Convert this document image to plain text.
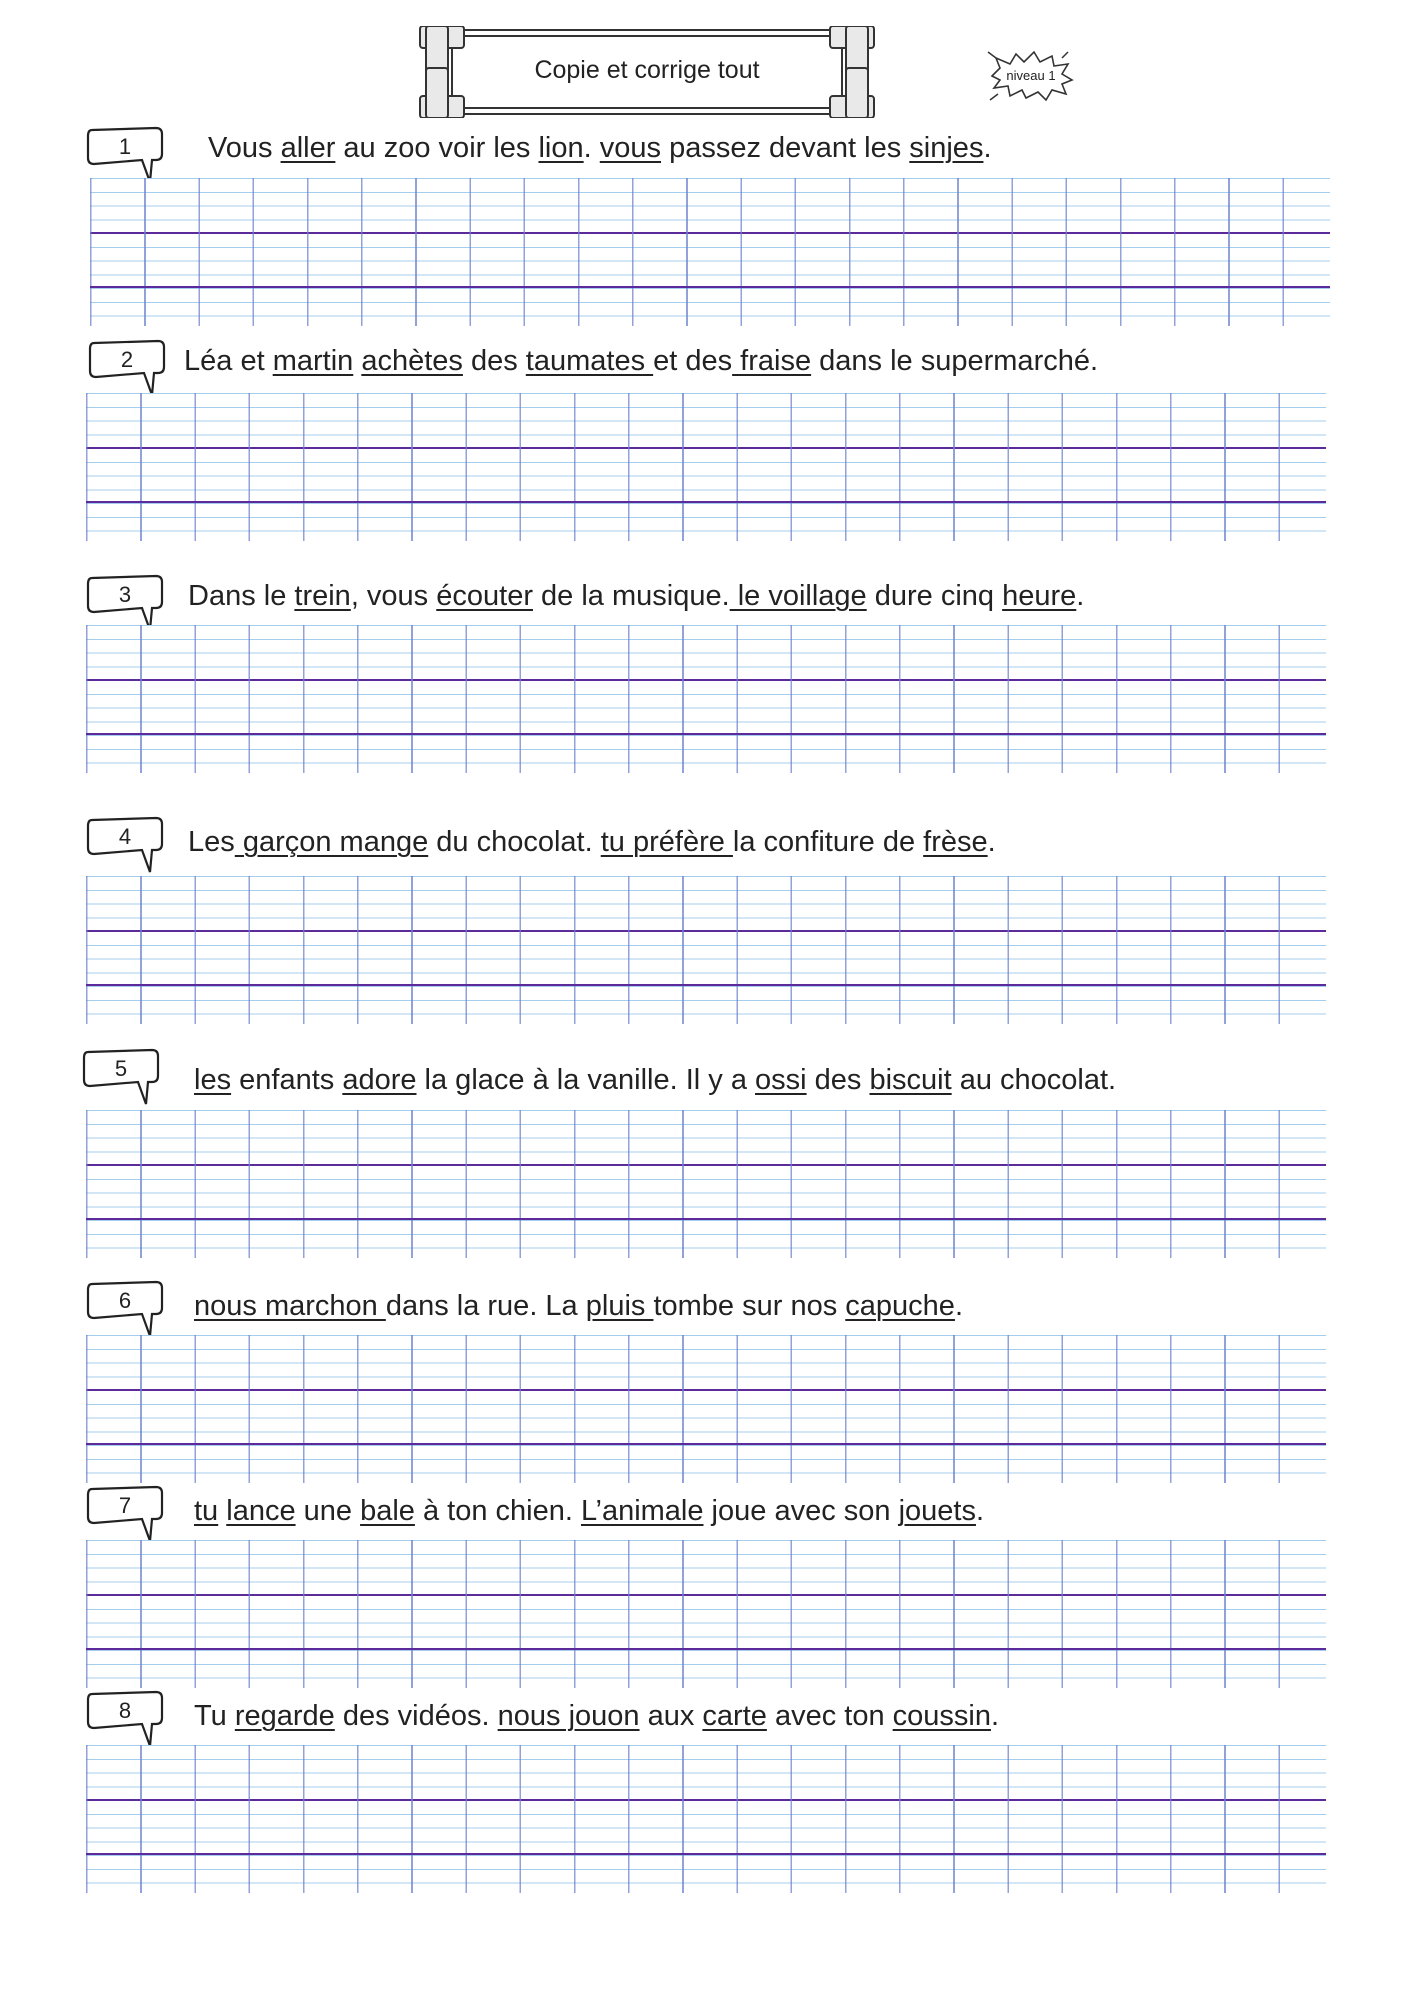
Copie et corrige tout	niveau 1
1	Vous aller au zoo voir les lion. vous passez devant les sinjes.
2	Léa et martin achètes des taumates et des fraise dans le supermarché.
3	Dans le trein, vous écouter de la musique. le voillage dure cinq heure.
4	Les garçon mange du chocolat. tu préfère la confiture de frèse.
5	les enfants adore la glace à la vanille. Il y a ossi des biscuit au chocolat.
6	nous marchon dans la rue. La pluis tombe sur nos capuche.
7	tu lance une bale à ton chien. L’animale joue avec son jouets.
8	Tu regarde des vidéos. nous jouon aux carte avec ton coussin.
